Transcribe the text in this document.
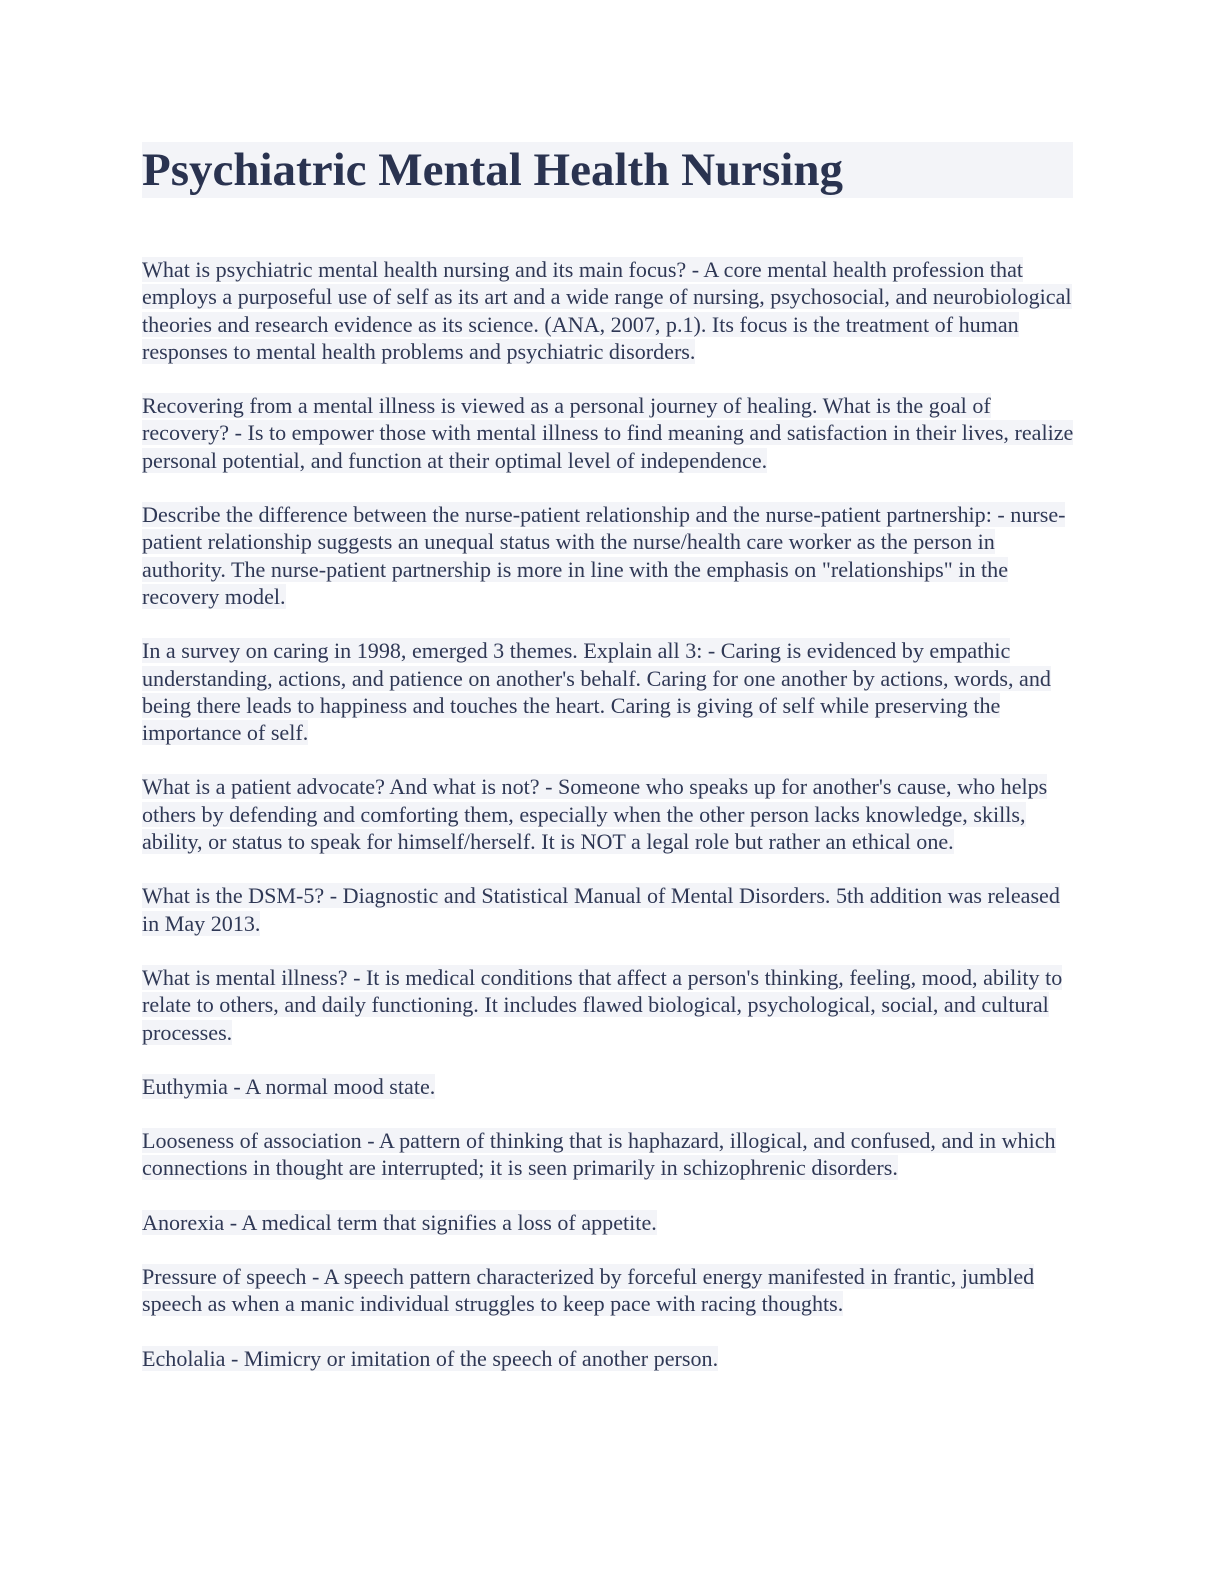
Psychiatric Mental Health Nursing
What is psychiatric mental health nursing and its main focus? - A core mental health profession that employs a purposeful use of self as its art and a wide range of nursing, psychosocial, and neurobiological theories and research evidence as its science. (ANA, 2007, p.1). Its focus is the treatment of human responses to mental health problems and psychiatric disorders.
Recovering from a mental illness is viewed as a personal journey of healing. What is the goal of recovery? - Is to empower those with mental illness to find meaning and satisfaction in their lives, realize personal potential, and function at their optimal level of independence.
Describe the difference between the nurse-patient relationship and the nurse-patient partnership: - nurse-patient relationship suggests an unequal status with the nurse/health care worker as the person in authority. The nurse-patient partnership is more in line with the emphasis on "relationships" in the recovery model.
In a survey on caring in 1998, emerged 3 themes. Explain all 3: - Caring is evidenced by empathic understanding, actions, and patience on another's behalf. Caring for one another by actions, words, and being there leads to happiness and touches the heart. Caring is giving of self while preserving the importance of self.
What is a patient advocate? And what is not? - Someone who speaks up for another's cause, who helps others by defending and comforting them, especially when the other person lacks knowledge, skills, ability, or status to speak for himself/herself. It is NOT a legal role but rather an ethical one.
What is the DSM-5? - Diagnostic and Statistical Manual of Mental Disorders. 5th addition was released in May 2013.
What is mental illness? - It is medical conditions that affect a person's thinking, feeling, mood, ability to relate to others, and daily functioning. It includes flawed biological, psychological, social, and cultural processes.
Euthymia - A normal mood state.
Looseness of association - A pattern of thinking that is haphazard, illogical, and confused, and in which connections in thought are interrupted; it is seen primarily in schizophrenic disorders.
Anorexia - A medical term that signifies a loss of appetite.
Pressure of speech - A speech pattern characterized by forceful energy manifested in frantic, jumbled speech as when a manic individual struggles to keep pace with racing thoughts.
Echolalia - Mimicry or imitation of the speech of another person.
